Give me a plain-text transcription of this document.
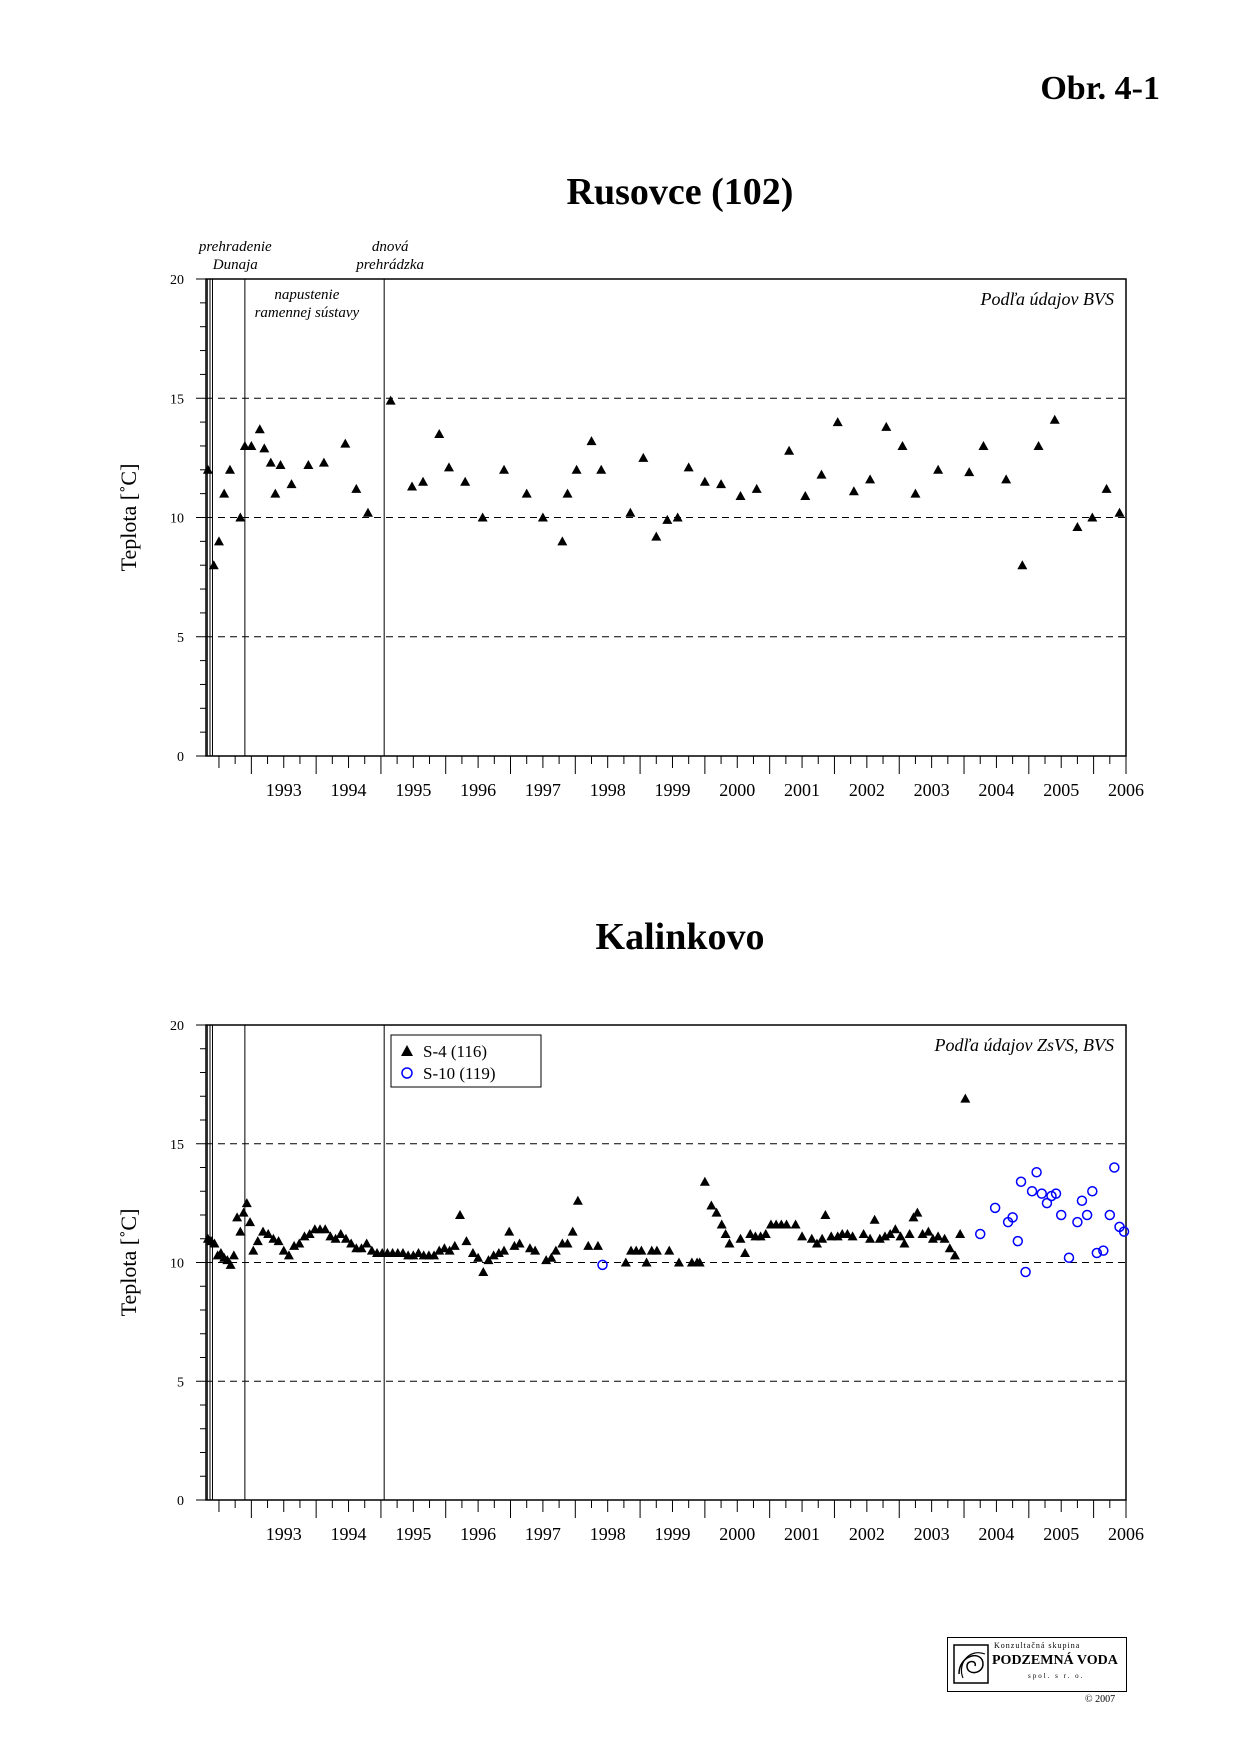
Obr. 4-1
Rusovce (102)
0
5
10
15
20
Teplota [˚C]
1993 1994 1995 1996 1997 1998 1999 2000 2001 2002 2003 2004 2005 2006
prehradenie
Dunaja
napustenie
ramennej sústavy
dnová
prehrádzka
Podľa údajov BVS
Kalinkovo
0
5
10
15
20
Teplota [˚C]
1993 1994 1995 1996 1997 1998 1999 2000 2001 2002 2003 2004 2005 2006
Podľa údajov ZsVS, BVS
S-4 (116)
S-10 (119)
Konzultačná skupina
PODZEMNÁ VODA
spol. s r. o.
© 2007
